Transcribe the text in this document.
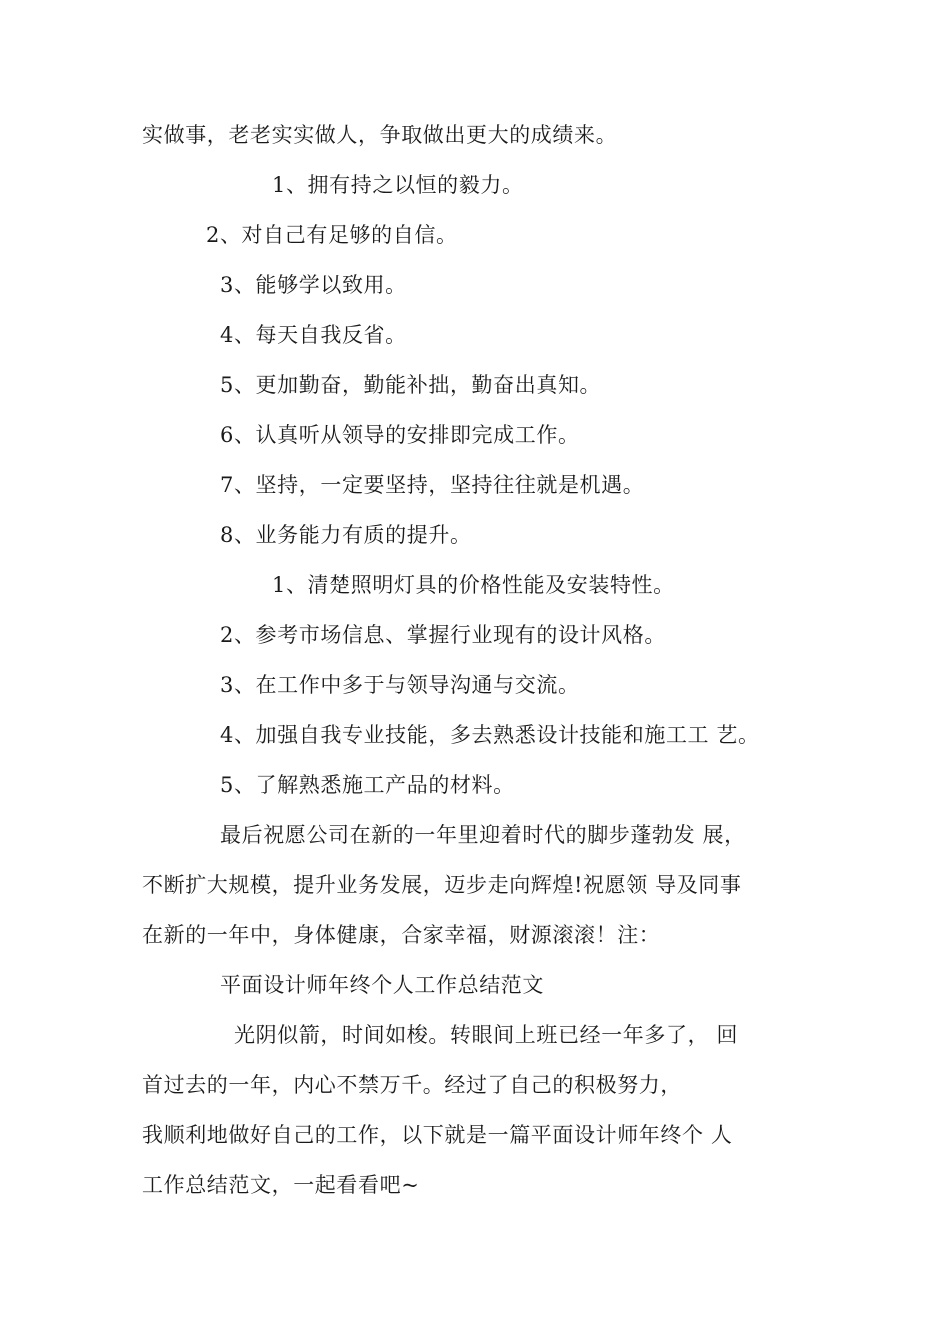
实做事，老老实实做人，争取做出更大的成绩来。
1、拥有持之以恒的毅力。
2、对自己有足够的自信。
3、能够学以致用。
4、每天自我反省。
5、更加勤奋，勤能补拙，勤奋出真知。
6、认真听从领导的安排即完成工作。
7、坚持，一定要坚持，坚持往往就是机遇。
8、业务能力有质的提升。
1、清楚照明灯具的价格性能及安装特性。
2、参考市场信息、掌握行业现有的设计风格。
3、在工作中多于与领导沟通与交流。
4、加强自我专业技能，多去熟悉设计技能和施工工 艺。
5、了解熟悉施工产品的材料。
最后祝愿公司在新的一年里迎着时代的脚步蓬勃发 展，
不断扩大规模，提升业务发展，迈步走向辉煌!祝愿领 导及同事
在新的一年中，身体健康，合家幸福，财源滚滚！注：
平面设计师年终个人工作总结范文
光阴似箭，时间如梭。转眼间上班已经一年多了， 回
首过去的一年，内心不禁万千。经过了自己的积极努力，
我顺利地做好自己的工作，以下就是一篇平面设计师年终个 人
工作总结范文，一起看看吧~
